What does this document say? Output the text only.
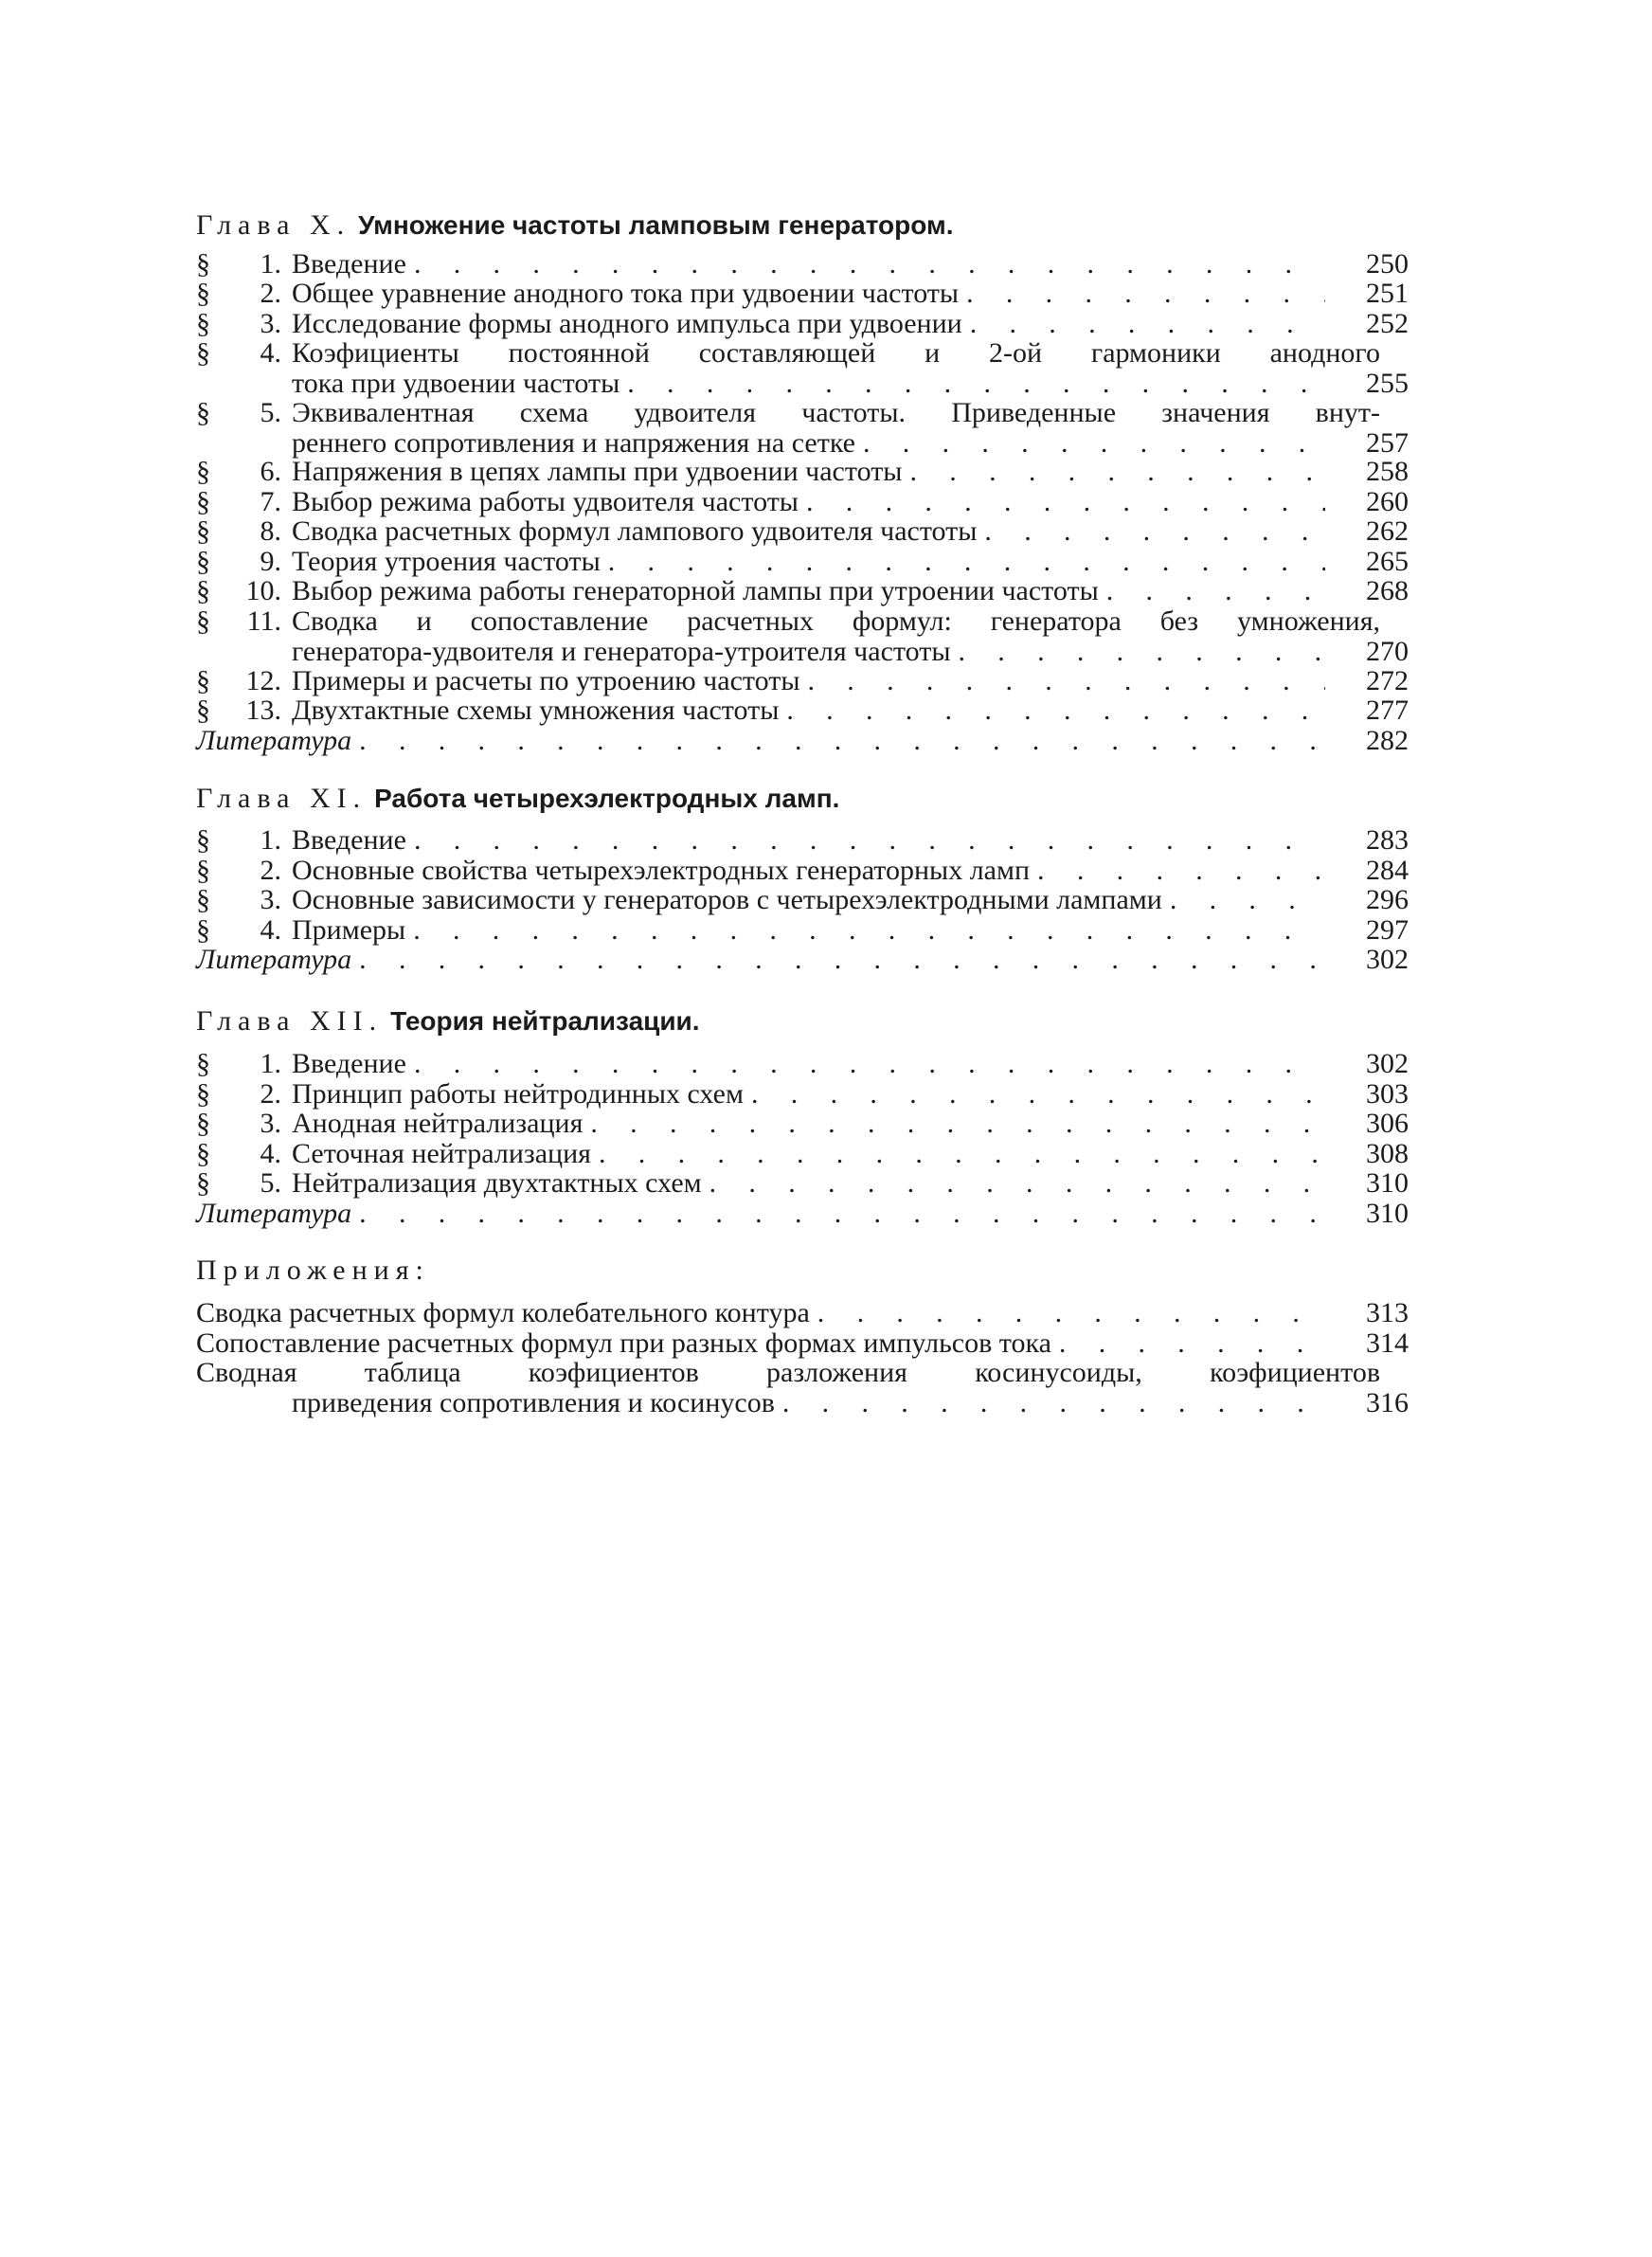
Глава X. Умножение частоты ламповым генератором.
§	1. Введение . . .	250
§	2. Общее уравнение анодного тока при удвоении частоты . . .	251
§	3. Исследование формы анодного импульса при удвоении . . .	252
§	4. Коэфициенты постоянной составляющей и 2-ой гармоники анодного
тока при удвоении частоты . . .	255
§	5. Эквивалентная схема удвоителя частоты. Приведенные значения внут-
реннего сопротивления и напряжения на сетке . . .	257
§	6. Напряжения в цепях лампы при удвоении частоты . . .	258
§	7. Выбор режима работы удвоителя частоты . . .	260
§	8. Сводка расчетных формул лампового удвоителя частоты . . .	262
§	9. Теория утроения частоты . . .	265
§	10. Выбор режима работы генераторной лампы при утроении частоты . . .	268
§	11. Сводка и сопоставление расчетных формул: генератора без умножения,
генератора-удвоителя и генератора-утроителя частоты . . .	270
§	12. Примеры и расчеты по утроению частоты . . .	272
§	13. Двухтактные схемы умножения частоты . . .	277
Литература . . .	282
Глава XI. Работа четырехэлектродных ламп.
§	1. Введение . . .	283
§	2. Основные свойства четырехэлектродных генераторных ламп . . .	284
§	3. Основные зависимости у генераторов с четырехэлектродными лампами . . .	296
§	4. Примеры . . .	297
Литература . . .	302
Глава XII. Теория нейтрализации.
§	1. Введение . . .	302
§	2. Принцип работы нейтродинных схем . . .	303
§	3. Анодная нейтрализация . . .	306
§	4. Сеточная нейтрализация . . .	308
§	5. Нейтрализация двухтактных схем . . .	310
Литература . . .	310
Приложения:
Сводка расчетных формул колебательного контура . . .	313
Сопоставление расчетных формул при разных формах импульсов тока . . .	314
Сводная таблица коэфициентов разложения косинусоиды, коэфициентов
приведения сопротивления и косинусов . . .	316
